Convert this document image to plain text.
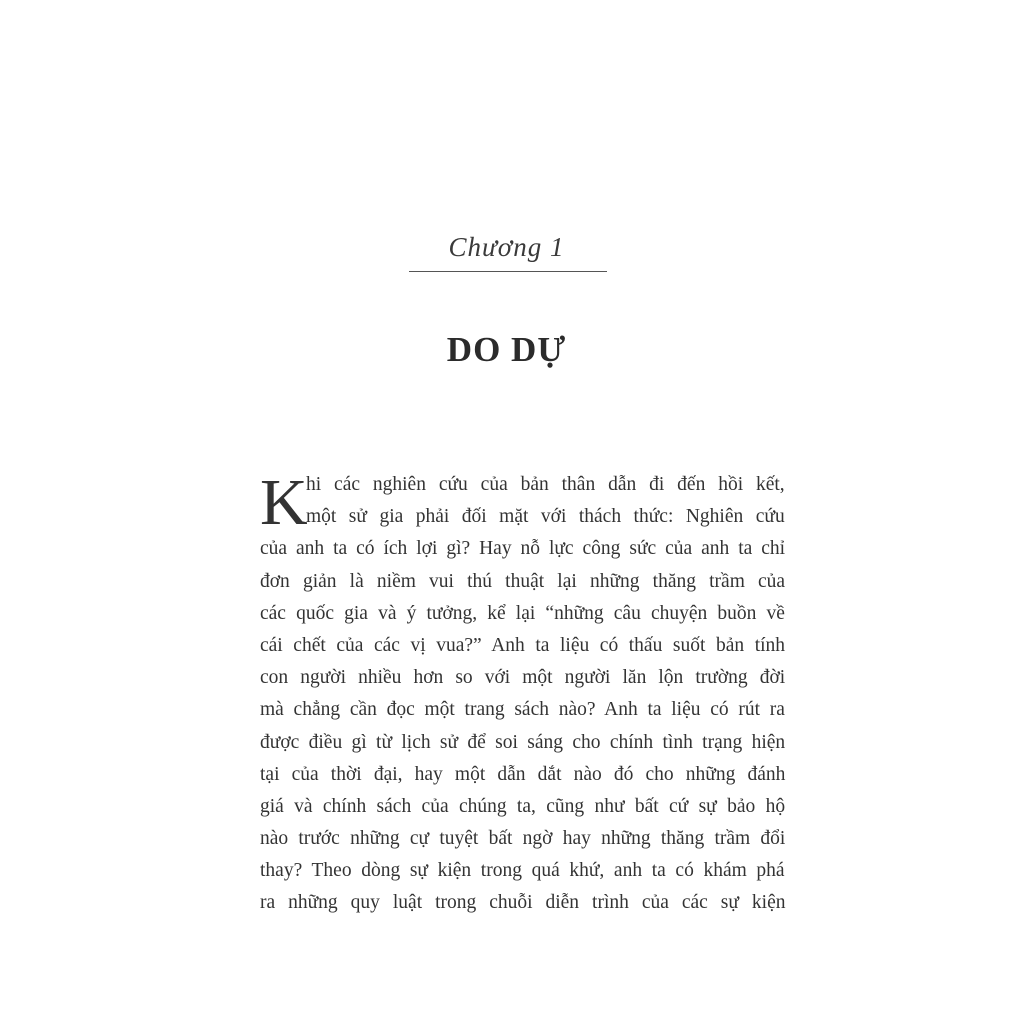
Chương 1
DO DỰ
K
hi các nghiên cứu của bản thân dẫn đi đến hồi kết,
một sử gia phải đối mặt với thách thức: Nghiên cứu
của anh ta có ích lợi gì? Hay nỗ lực công sức của anh ta chỉ
đơn giản là niềm vui thú thuật lại những thăng trầm của
các quốc gia và ý tưởng, kể lại “những câu chuyện buồn về
cái chết của các vị vua?” Anh ta liệu có thấu suốt bản tính
con người nhiều hơn so với một người lăn lộn trường đời
mà chẳng cần đọc một trang sách nào? Anh ta liệu có rút ra
được điều gì từ lịch sử để soi sáng cho chính tình trạng hiện
tại của thời đại, hay một dẫn dắt nào đó cho những đánh
giá và chính sách của chúng ta, cũng như bất cứ sự bảo hộ
nào trước những cự tuyệt bất ngờ hay những thăng trầm đổi
thay? Theo dòng sự kiện trong quá khứ, anh ta có khám phá
ra những quy luật trong chuỗi diễn trình của các sự kiện
